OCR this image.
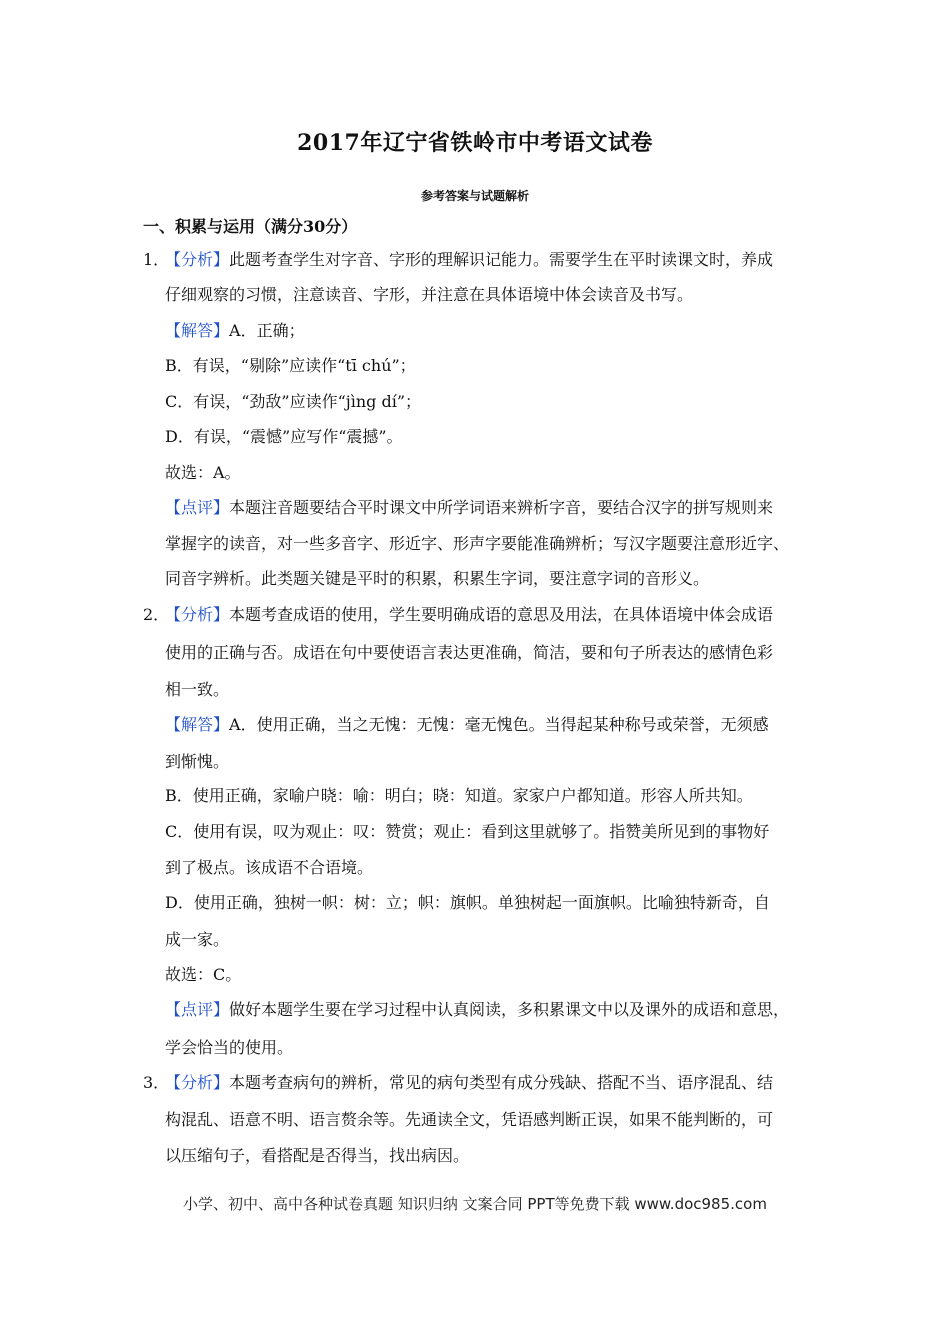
2017年辽宁省铁岭市中考语文试卷
参考答案与试题解析
一、积累与运用（满分30分）
1．
【分析】此题考查学生对字音、字形的理解识记能力。需要学生在平时读课文时，养成
仔细观察的习惯，注意读音、字形，并注意在具体语境中体会读音及书写。
【解答】A．正确；
B．有误，“剔除”应读作“tī chú”；
C．有误，“劲敌”应读作“jìng dí”；
D．有误，“震憾”应写作“震撼”。
故选：A。
【点评】本题注音题要结合平时课文中所学词语来辨析字音，要结合汉字的拼写规则来
掌握字的读音，对一些多音字、形近字、形声字要能准确辨析；写汉字题要注意形近字、
同音字辨析。此类题关键是平时的积累，积累生字词，要注意字词的音形义。
2．
【分析】本题考查成语的使用，学生要明确成语的意思及用法，在具体语境中体会成语
使用的正确与否。成语在句中要使语言表达更准确，简洁，要和句子所表达的感情色彩
相一致。
【解答】A．使用正确，当之无愧：无愧：毫无愧色。当得起某种称号或荣誉，无须感
到惭愧。
B．使用正确，家喻户晓：喻：明白；晓：知道。家家户户都知道。形容人所共知。
C．使用有误，叹为观止：叹：赞赏；观止：看到这里就够了。指赞美所见到的事物好
到了极点。该成语不合语境。
D．使用正确，独树一帜：树：立；帜：旗帜。单独树起一面旗帜。比喻独特新奇，自
成一家。
故选：C。
【点评】做好本题学生要在学习过程中认真阅读，多积累课文中以及课外的成语和意思，
学会恰当的使用。
3．
【分析】本题考查病句的辨析，常见的病句类型有成分残缺、搭配不当、语序混乱、结
构混乱、语意不明、语言赘余等。先通读全文，凭语感判断正误，如果不能判断的，可
以压缩句子，看搭配是否得当，找出病因。
小学、初中、高中各种试卷真题 知识归纳 文案合同 PPT等免费下载 www.doc985.com
